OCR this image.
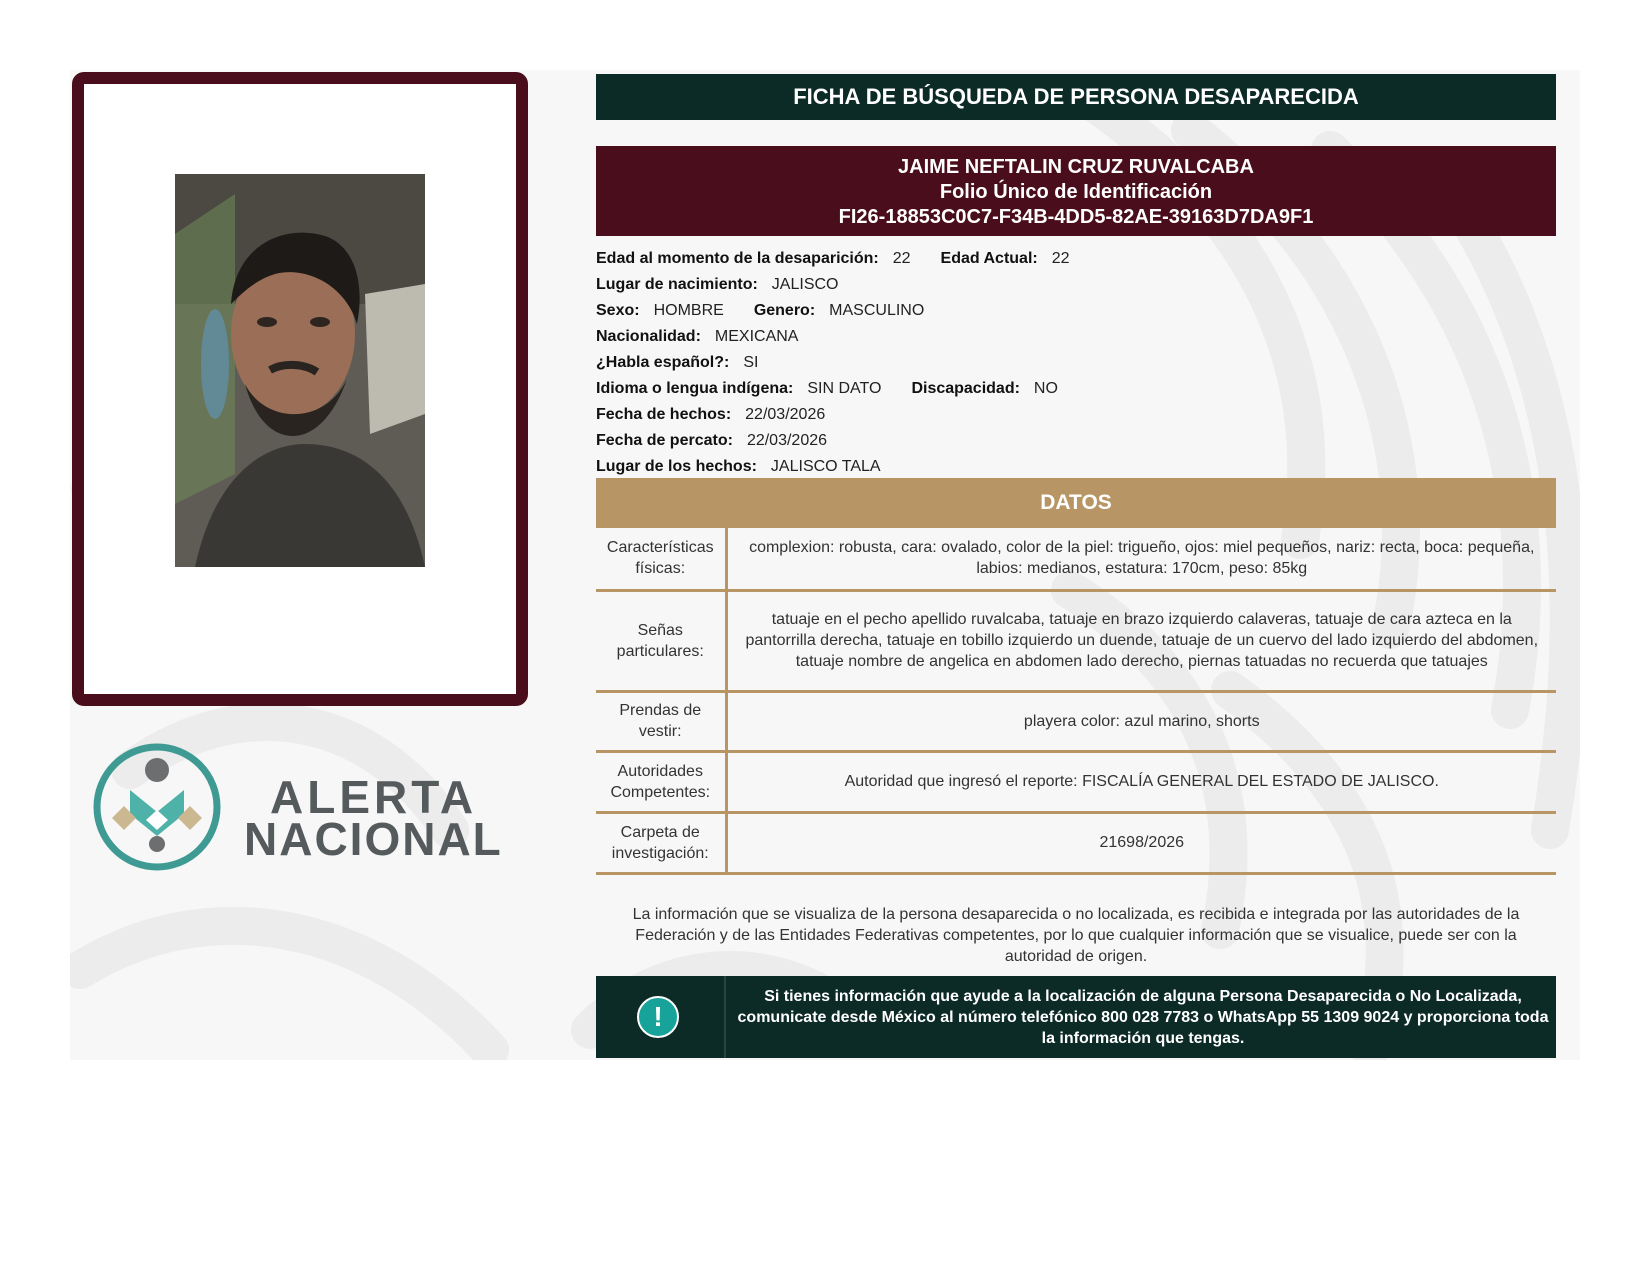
ALERTA
NACIONAL
FICHA DE BÚSQUEDA DE PERSONA DESAPARECIDA
JAIME NEFTALIN CRUZ RUVALCABA
Folio Único de Identificación
FI26-18853C0C7-F34B-4DD5-82AE-39163D7DA9F1
Edad al momento de la desaparición: 22 Edad Actual: 22
Lugar de nacimiento: JALISCO
Sexo: HOMBRE Genero: MASCULINO
Nacionalidad: MEXICANA
¿Habla español?: SI
Idioma o lengua indígena: SIN DATO Discapacidad: NO
Fecha de hechos: 22/03/2026
Fecha de percato: 22/03/2026
Lugar de los hechos: JALISCO TALA
DATOS
Características físicas:	complexion: robusta, cara: ovalado, color de la piel: trigueño, ojos: miel pequeños, nariz: recta, boca: pequeña, labios: medianos, estatura: 170cm, peso: 85kg
Señas particulares:	tatuaje en el pecho apellido ruvalcaba, tatuaje en brazo izquierdo calaveras, tatuaje de cara azteca en la pantorrilla derecha, tatuaje en tobillo izquierdo un duende, tatuaje de un cuervo del lado izquierdo del abdomen, tatuaje nombre de angelica en abdomen lado derecho, piernas tatuadas no recuerda que tatuajes
Prendas de vestir:	playera color: azul marino, shorts
Autoridades Competentes:	Autoridad que ingresó el reporte: FISCALÍA GENERAL DEL ESTADO DE JALISCO.
Carpeta de investigación:	21698/2026
La información que se visualiza de la persona desaparecida o no localizada, es recibida e integrada por las autoridades de la Federación y de las Entidades Federativas competentes, por lo que cualquier información que se visualice, puede ser con la autoridad de origen.
!
Si tienes información que ayude a la localización de alguna Persona Desaparecida o No Localizada, comunicate desde México al número telefónico 800 028 7783 o WhatsApp 55 1309 9024 y proporciona toda la información que tengas.
